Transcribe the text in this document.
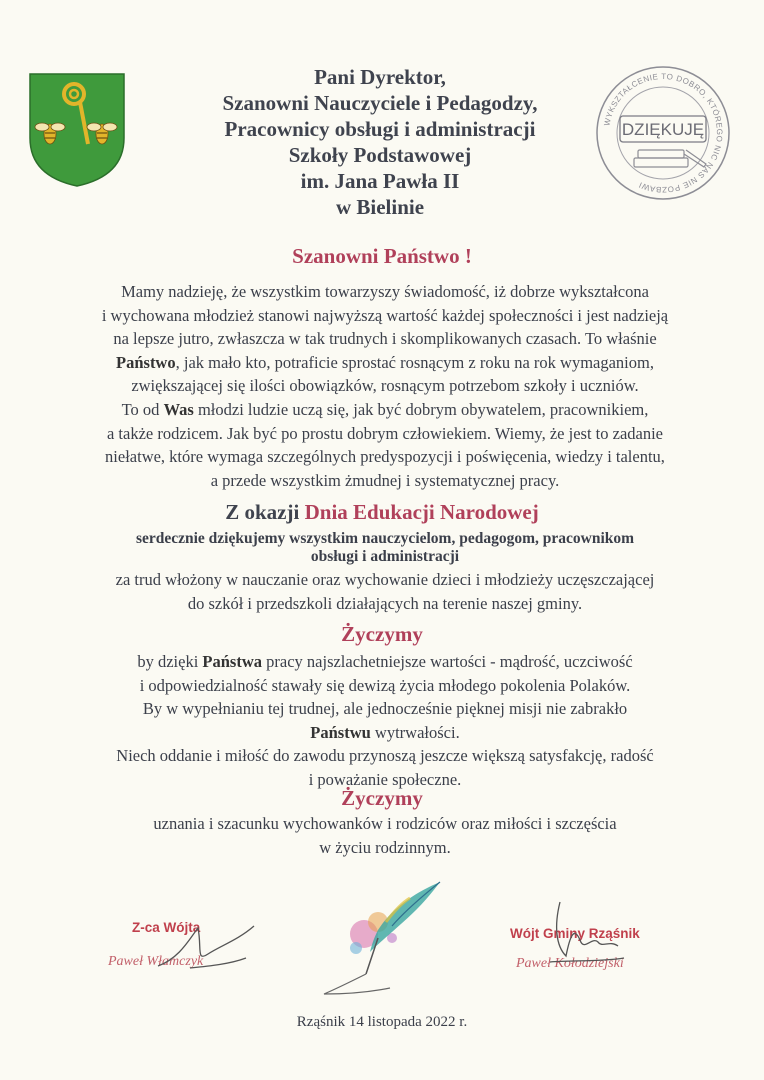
WYKSZTAŁCENIE TO DOBRO, KTÓREGO NIC NAS NIE POZBAWI
DZIĘKUJĘ
Pani Dyrektor,
Szanowni Nauczyciele i Pedagodzy,
Pracownicy obsługi i administracji
Szkoły Podstawowej
im. Jana Pawła II
w Bielinie
Szanowni Państwo !
Mamy nadzieję, że wszystkim towarzyszy świadomość, iż dobrze wykształcona
i wychowana młodzież stanowi najwyższą wartość każdej społeczności i jest nadzieją
na lepsze jutro, zwłaszcza w tak trudnych i skomplikowanych czasach. To właśnie
Państwo, jak mało kto, potraficie sprostać rosnącym z roku na rok wymaganiom,
zwiększającej się ilości obowiązków, rosnącym potrzebom szkoły i uczniów.
To od Was młodzi ludzie uczą się, jak być dobrym obywatelem, pracownikiem,
a także rodzicem. Jak być po prostu dobrym człowiekiem. Wiemy, że jest to zadanie
niełatwe, które wymaga szczególnych predyspozycji i poświęcenia, wiedzy i talentu,
a przede wszystkim żmudnej i systematycznej pracy.
Z okazji Dnia Edukacji Narodowej
serdecznie dziękujemy wszystkim nauczycielom, pedagogom, pracownikom
obsługi i administracji
za trud włożony w nauczanie oraz wychowanie dzieci i młodzieży uczęszczającej
do szkół i przedszkoli działających na terenie naszej gminy.
Życzymy
by dzięki Państwa pracy najszlachetniejsze wartości - mądrość, uczciwość
i odpowiedzialność stawały się dewizą życia młodego pokolenia Polaków.
By w wypełnianiu tej trudnej, ale jednocześnie pięknej misji nie zabrakło
Państwu wytrwałości.
Niech oddanie i miłość do zawodu przynoszą jeszcze większą satysfakcję, radość
i poważanie społeczne.
Życzymy
uznania i szacunku wychowanków i rodziców oraz miłości i szczęścia
w życiu rodzinnym.
Z-ca Wójta
Paweł Włamczyk
Wójt Gminy Rząśnik
Paweł Kołodziejski
Rząśnik 14 listopada 2022 r.
